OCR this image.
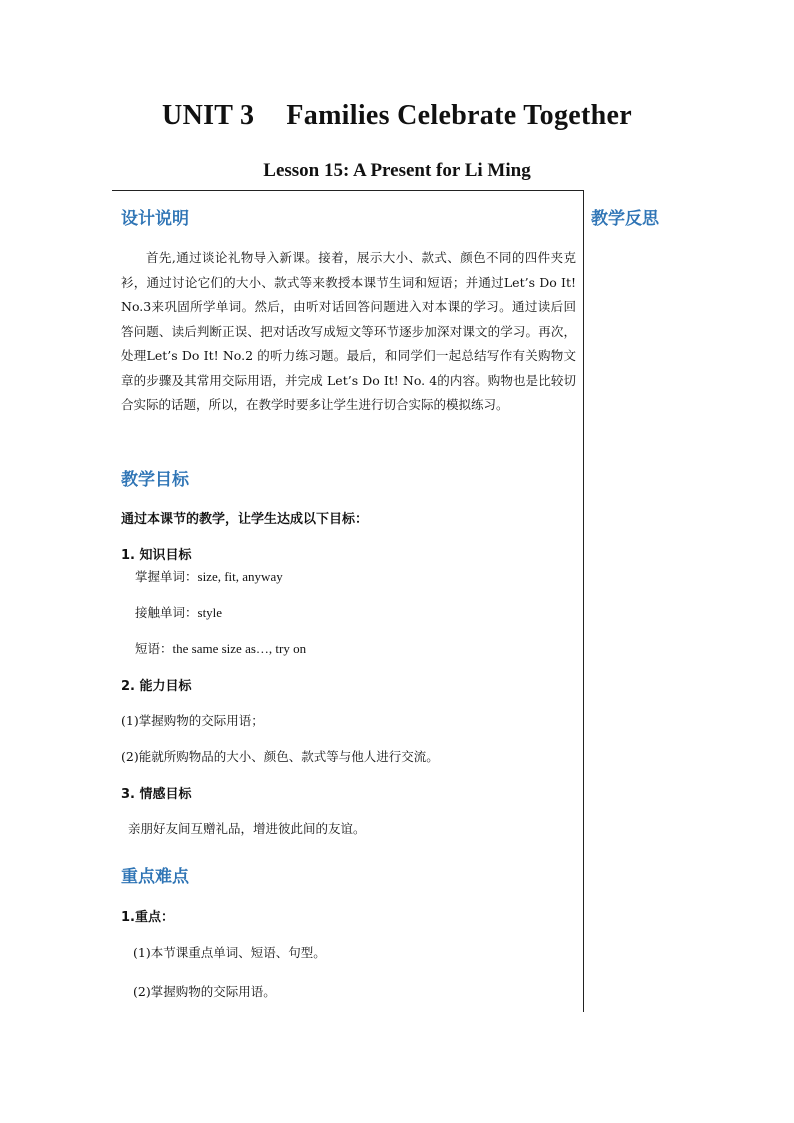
UNIT 3 Families Celebrate Together
Lesson 15: A Present for Li Ming
教学反思
设计说明
首先,通过谈论礼物导入新课。接着，展示大小、款式、颜色不同的四件夹克衫，通过讨论它们的大小、款式等来教授本课节生词和短语；并通过Let’s Do It! No.3来巩固所学单词。然后，由听对话回答问题进入对本课的学习。通过读后回答问题、读后判断正误、把对话改写成短文等环节逐步加深对课文的学习。再次，处理Let’s Do It! No.2 的听力练习题。最后，和同学们一起总结写作有关购物文章的步骤及其常用交际用语，并完成 Let’s Do It! No. 4的内容。购物也是比较切合实际的话题，所以，在教学时要多让学生进行切合实际的模拟练习。
教学目标
通过本课节的教学，让学生达成以下目标：
1. 知识目标
掌握单词：size, fit, anyway
接触单词：style
短语：the same size as…, try on
2. 能力目标
(1)掌握购物的交际用语；
(2)能就所购物品的大小、颜色、款式等与他人进行交流。
3. 情感目标
亲朋好友间互赠礼品，增进彼此间的友谊。
重点难点
1.重点：
(1)本节课重点单词、短语、句型。
(2)掌握购物的交际用语。
